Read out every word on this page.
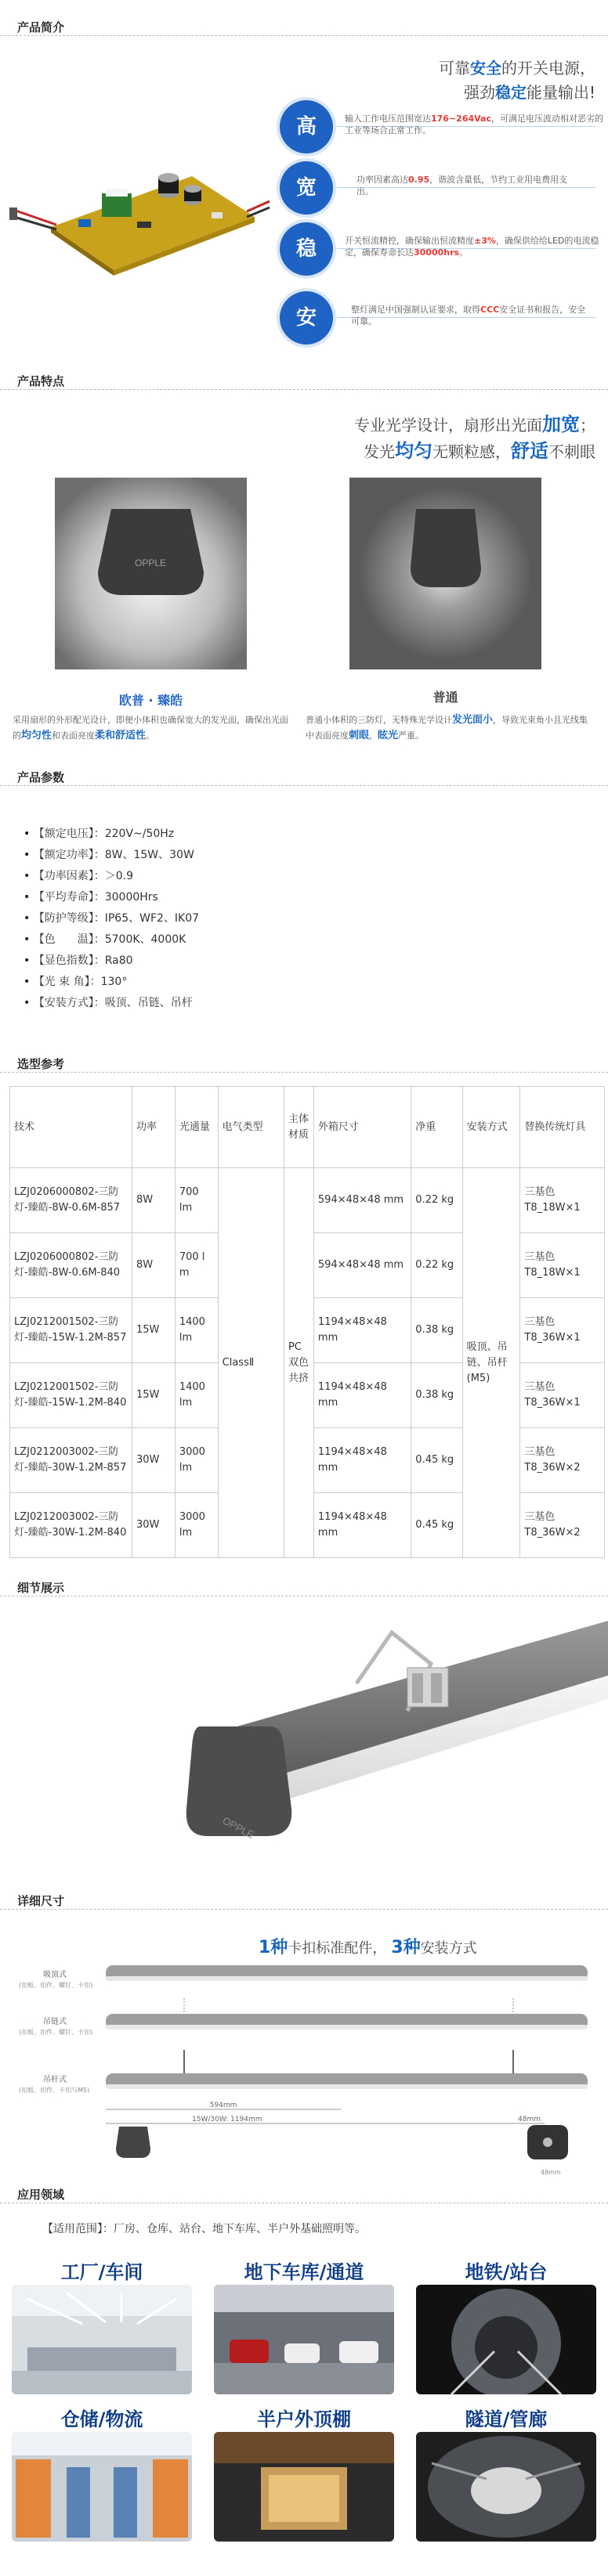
产品简介
可靠安全的开关电源，
强劲稳定能量输出!
高	输入工作电压范围宽达176~264Vac，可满足电压波动相对恶劣的工业等场合正常工作。
宽	功率因素高达0.95，谐波含量低，节约工业用电费用支出。
稳	开关恒流精控，确保输出恒流精度±3%，确保供给给LED的电流稳定，确保寿命长达30000hrs。
安	整灯满足中国强制认证要求，取得CCC安全证书和报告，安全可靠。
产品特点
专业光学设计，扇形出光面加宽；
发光均匀无颗粒感，舒适不刺眼
OPPLE
欧普 · 臻皓	普通
采用扇形的外形配光设计，即便小体积也确保宽大的发光面，确保出光面的均匀性和表面亮度柔和舒适性。
普通小体积的三防灯，无特殊光学设计发光面小，导致光束角小且光线集中表面亮度刺眼，眩光严重。
产品参数
• 【额定电压】：220V~/50Hz
• 【额定功率】：8W、15W、30W
• 【功率因素】：＞0.9
• 【平均寿命】：30000Hrs
• 【防护等级】：IP65、WF2、IK07
• 【色　　温】：5700K、4000K
• 【显色指数】：Ra80
• 【光 束 角】：130°
• 【安装方式】：吸顶、吊链、吊杆
选型参考
技术	功率	光通量	电气类型	主体材质	外箱尺寸	净重	安装方式	替换传统灯具
LZJ0206000802-三防灯-臻皓-8W-0.6M-857	8W	700 lm	ClassⅡ	PC双色共挤	594×48×48 mm	0.22 kg	吸顶、吊链、吊杆(M5)	三基色T8_18W×1
LZJ0206000802-三防灯-臻皓-8W-0.6M-840	8W	700 l m			594×48×48 mm	0.22 kg		三基色T8_18W×1
LZJ0212001502-三防灯-臻皓-15W-1.2M-857	15W	1400 lm			1194×48×48 mm	0.38 kg		三基色T8_36W×1
LZJ0212001502-三防灯-臻皓-15W-1.2M-840	15W	1400 lm			1194×48×48 mm	0.38 kg		三基色T8_36W×1
LZJ0212003002-三防灯-臻皓-30W-1.2M-857	30W	3000 lm			1194×48×48 mm	0.45 kg		三基色T8_36W×2
LZJ0212003002-三防灯-臻皓-30W-1.2M-840	30W	3000 lm			1194×48×48 mm	0.45 kg		三基色T8_36W×2
细节展示
OPPLE
详细尺寸
1种卡扣标准配件， 3种安装方式
吸顶式
(扣板、扣件、螺钉、卡扣)
吊链式
(扣板、扣件、螺钉、卡扣)
吊杆式
(扣板、扣件、卡扣与M5)
594mm
15W/30W: 1194mm	48mm
48mm
应用领域
【适用范围】：厂房、仓库、站台、地下车库、半户外基础照明等。
工厂/车间	地下车库/通道	地铁/站台
仓储/物流	半户外顶棚	隧道/管廊
